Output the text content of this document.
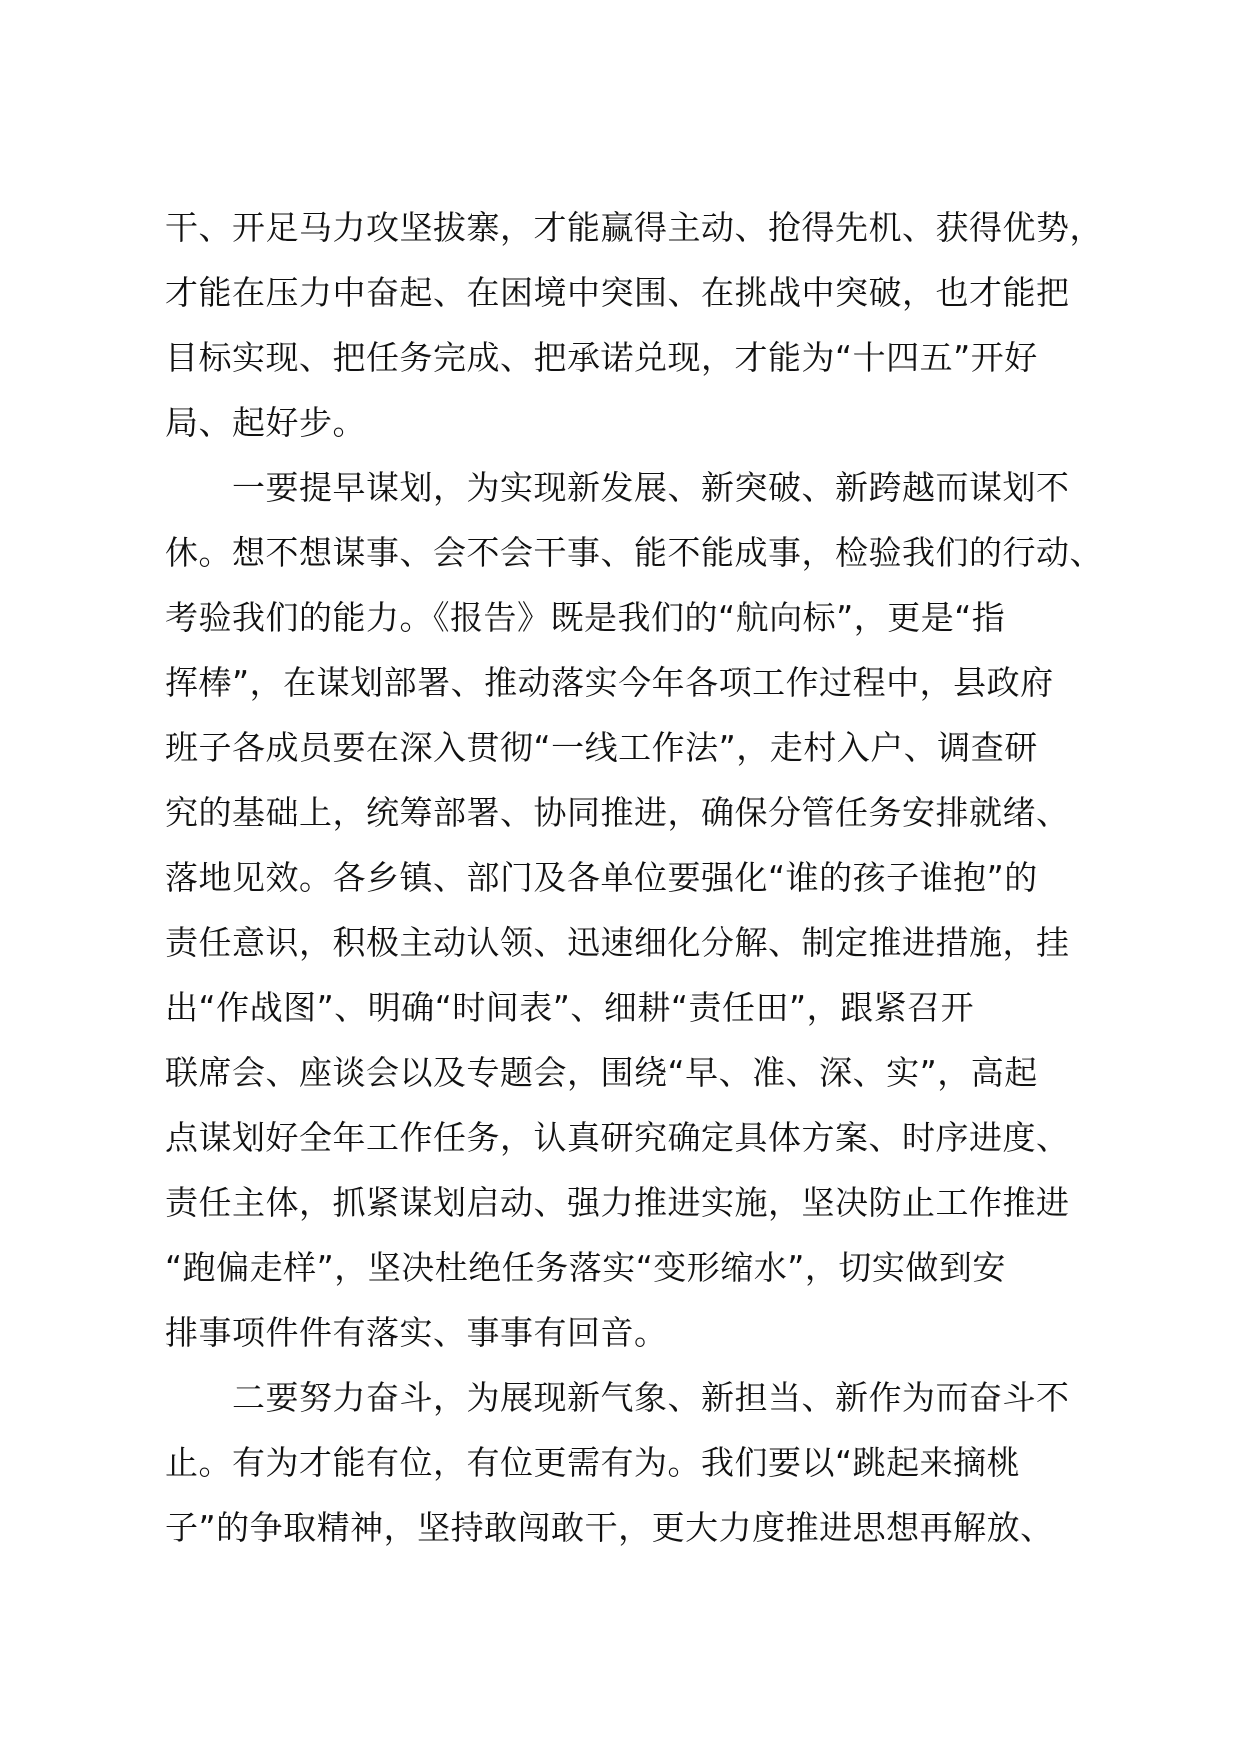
干、开足马力攻坚拔寨，才能赢得主动、抢得先机、获得优势，
才能在压力中奋起、在困境中突围、在挑战中突破，也才能把
目标实现、把任务完成、把承诺兑现，才能为“十四五”开好
局、起好步。
一要提早谋划，为实现新发展、新突破、新跨越而谋划不
休。想不想谋事、会不会干事、能不能成事，检验我们的行动、
考验我们的能力。《报告》既是我们的“航向标”，更是“指
挥棒”，在谋划部署、推动落实今年各项工作过程中，县政府
班子各成员要在深入贯彻“一线工作法”，走村入户、调查研
究的基础上，统筹部署、协同推进，确保分管任务安排就绪、
落地见效。各乡镇、部门及各单位要强化“谁的孩子谁抱”的
责任意识，积极主动认领、迅速细化分解、制定推进措施，挂
出“作战图”、明确“时间表”、细耕“责任田”，跟紧召开
联席会、座谈会以及专题会，围绕“早、准、深、实”，高起
点谋划好全年工作任务，认真研究确定具体方案、时序进度、
责任主体，抓紧谋划启动、强力推进实施，坚决防止工作推进
“跑偏走样”，坚决杜绝任务落实“变形缩水”，切实做到安
排事项件件有落实、事事有回音。
二要努力奋斗，为展现新气象、新担当、新作为而奋斗不
止。有为才能有位，有位更需有为。我们要以“跳起来摘桃
子”的争取精神，坚持敢闯敢干，更大力度推进思想再解放、
